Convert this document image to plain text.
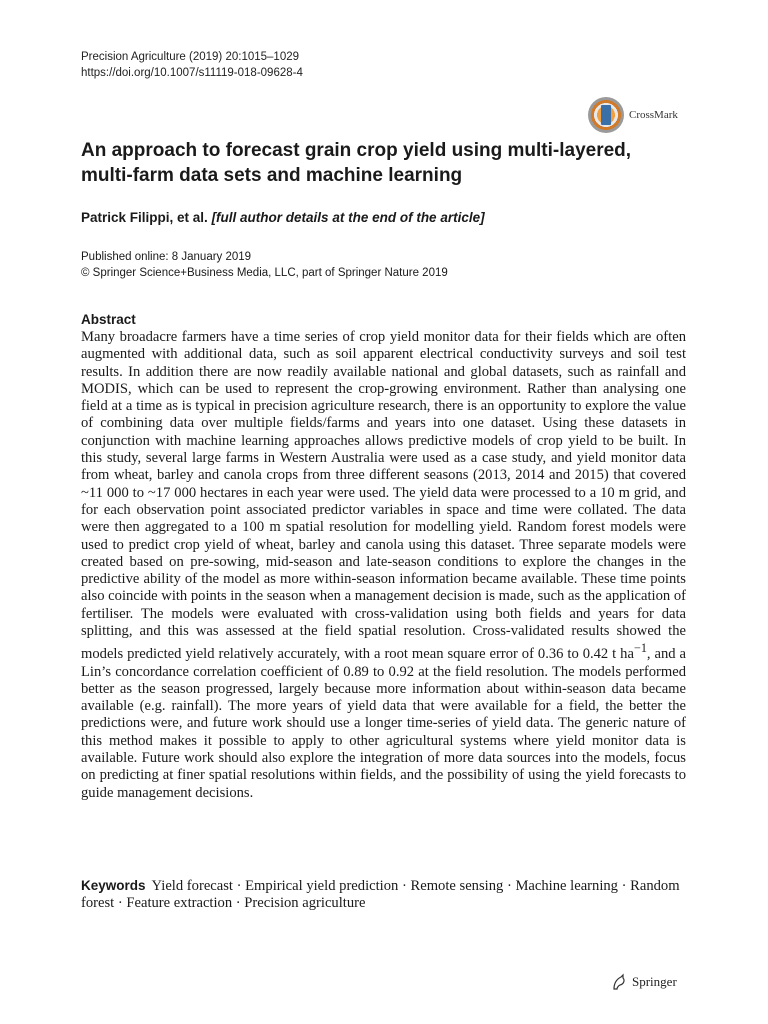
Precision Agriculture (2019) 20:1015–1029
https://doi.org/10.1007/s11119-018-09628-4
CrossMark
An approach to forecast grain crop yield using multi-layered, multi-farm data sets and machine learning
Patrick Filippi, et al. [full author details at the end of the article]
Published online: 8 January 2019
© Springer Science+Business Media, LLC, part of Springer Nature 2019
Abstract

Many broadacre farmers have a time series of crop yield monitor data for their fields which are often augmented with additional data, such as soil apparent electrical conductivity surveys and soil test results. In addition there are now readily available national and global datasets, such as rainfall and MODIS, which can be used to represent the crop-growing environment. Rather than analysing one field at a time as is typical in precision agriculture research, there is an opportunity to explore the value of combining data over multiple fields/farms and years into one dataset. Using these datasets in conjunction with machine learning approaches allows predictive models of crop yield to be built. In this study, several large farms in Western Australia were used as a case study, and yield monitor data from wheat, barley and canola crops from three different seasons (2013, 2014 and 2015) that covered ~11 000 to ~17 000 hectares in each year were used. The yield data were processed to a 10 m grid, and for each observation point associated predictor variables in space and time were collated. The data were then aggregated to a 100 m spatial resolution for modelling yield. Random forest models were used to predict crop yield of wheat, barley and canola using this dataset. Three separate models were created based on pre-sowing, mid-season and late-season conditions to explore the changes in the predictive ability of the model as more within-season information became available. These time points also coincide with points in the season when a management decision is made, such as the application of fertiliser. The models were evaluated with cross-validation using both fields and years for data splitting, and this was assessed at the field spatial resolution. Cross-validated results showed the models predicted yield relatively accurately, with a root mean square error of 0.36 to 0.42 t $ha^{-1}$, and a Lin’s concordance correlation coefficient of 0.89 to 0.92 at the field resolution. The models performed better as the season progressed, largely because more information about within-season data became available (e.g. rainfall). The more years of yield data that were available for a field, the better the predictions were, and future work should use a longer time-series of yield data. The generic nature of this method makes it possible to apply to other agricultural systems where yield monitor data is available. Future work should also explore the integration of more data sources into the models, focus on predicting at finer spatial resolutions within fields, and the possibility of using the yield forecasts to guide management decisions.

Keywords Yield forecast · Empirical yield prediction · Remote sensing · Machine learning · Random forest · Feature extraction · Precision agriculture

Springer
